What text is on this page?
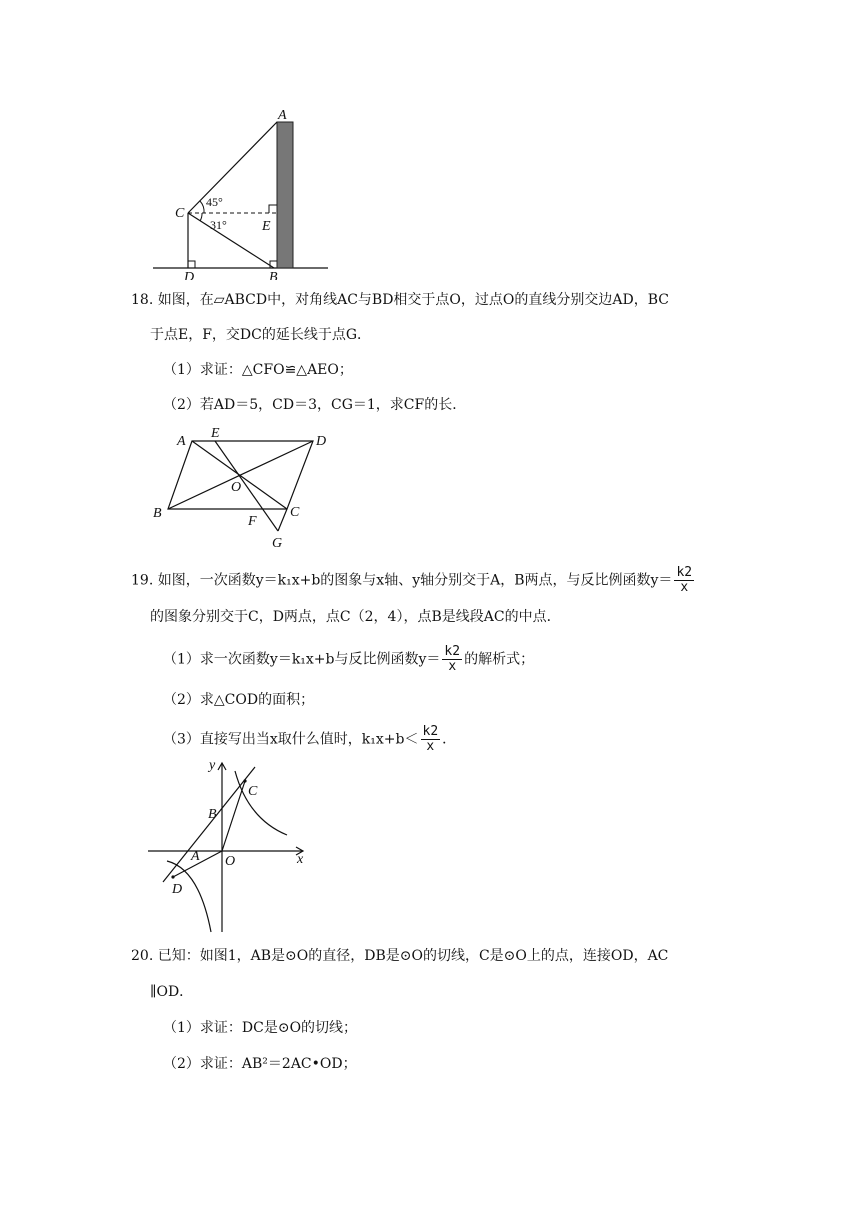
A
C
E
D	B
45°
31°
18. 如图，在▱ABCD中，对角线AC与BD相交于点O，过点O的直线分别交边AD，BC
于点E，F，交DC的延长线于点G．
（1）求证：△CFO≌△AEO；
（2）若AD＝5，CD＝3，CG＝1，求CF的长．
A
E
D
O
B
F
C
G
19. 如图，一次函数y＝k₁x+b的图象与x轴、y轴分别交于A，B两点，与反比例函数$y= \frac{k2}{x}$
的图象分别交于C，D两点，点C（2，4），点B是线段AC的中点．
（1）求一次函数y＝k₁x+b与反比例函数$y= \frac{k2}{x}$ 的解析式；
（2）求△COD的面积；
（3）直接写出当x取什么值时，$k_1x+b< \frac{k2}{x}$ ．
y
x
C
B
A O
D
20. 已知：如图1，AB是⊙O的直径，DB是⊙O的切线，C是⊙O上的点，连接OD，AC
∥OD．
（1）求证：DC是⊙O的切线；
（2）求证：AB²＝2AC•OD；
